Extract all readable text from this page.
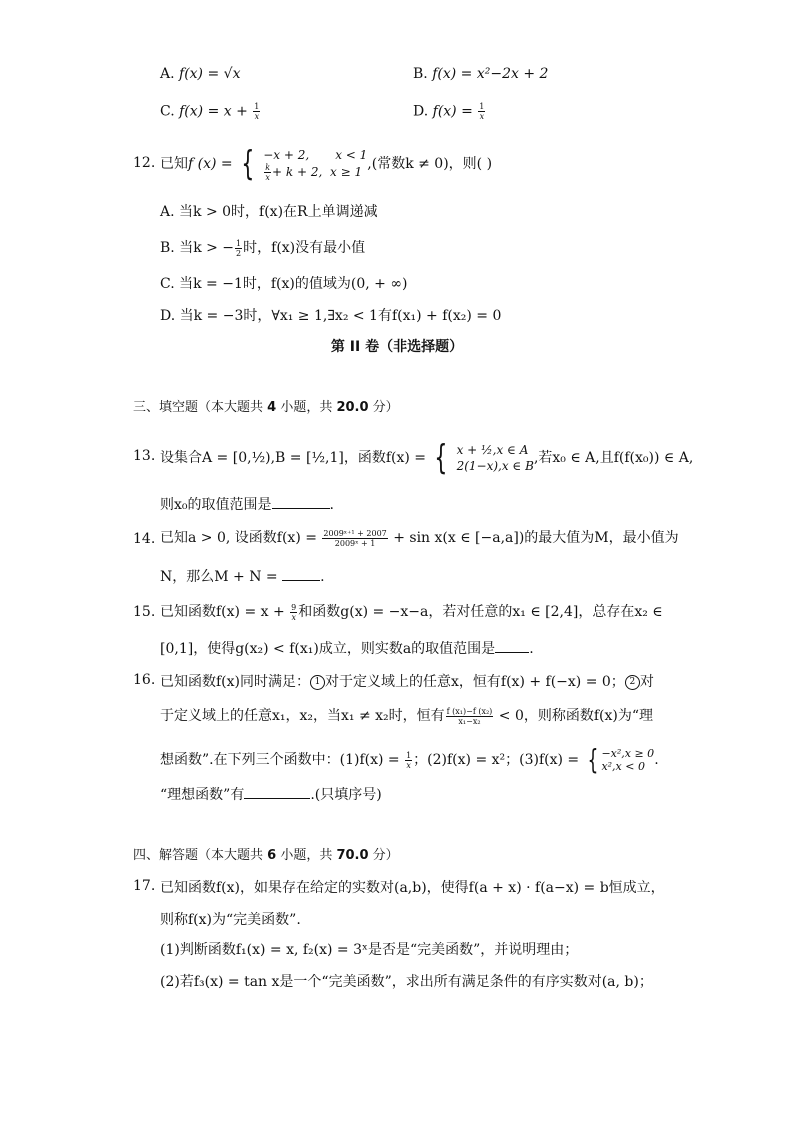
A. f(x) = √x	B. f(x) = x²−2x + 2
C. $f(x) = x + \frac{1}{x}$	D. $f(x) = \frac{1}{x}$
12. 已知f (x) = { −x + 2, x < 1
$\frac{k}{x} + k + 2$, x ≥ 1 ,(常数k ≠ 0)，则( )
A. 当k > 0时，f(x)在R上单调递减
B. 当k > − $\frac{1}{2}$ 时，f(x)没有最小值
C. 当k = −1时，f(x)的值域为(0, + ∞)
D. 当k = −3时，∀x₁ ≥ 1,∃x₂ < 1有f(x₁) + f(x₂) = 0
第 II 卷（非选择题）
三、填空题（本大题共 4 小题，共 20.0 分）
13. 设集合A = [0,½),B = [½,1]，函数f(x) = { x + ½,x ∈ A
2(1−x),x ∈ B ,若x₀ ∈ A,且f(f(x₀)) ∈ A,
则x₀的取值范围是	.
14. 已知a > 0, 设函数$f(x) = \frac{\text{2009ˣ⁺¹ + 2007}}{\text{2009ˣ + 1}} + \sin x(x$ ∈ [−a,a])的最大值为M，最小值为
N，那么M + N =	.
15. 已知函数$f(x) = x + \frac{9}{x}$ 和函数g(x) = −x−a，若对任意的x₁ ∈ [2,4]，总存在x₂ ∈
[0,1]，使得g(x₂) < f(x₁)成立，则实数a的取值范围是 .
16. 已知函数f(x)同时满足： 1 对于定义域上的任意x，恒有f(x) + f(−x) = 0； 2 对
于定义域上的任意x₁，x₂，当x₁ ≠ x₂时，恒有 $\frac{\text{f (x₁)−f (x₂)}}{\text{x₁−x₂}} < 0$，则称函数f(x)为“理
想函数”.在下列三个函数中：$(1)f(x) = \frac{1}{x}$ ；(2)f(x) = x²；(3)f(x) = { −x²,x ≥ 0
x²,x < 0 .
“理想函数”有	.(只填序号)
四、解答题（本大题共 6 小题，共 70.0 分）
17. 已知函数f(x)，如果存在给定的实数对(a,b)，使得f(a + x) · f(a−x) = b恒成立，
则称f(x)为“完美函数”.
(1)判断函数f₁(x) = x, f₂(x) = 3ˣ是否是“完美函数”，并说明理由；
(2)若f₃(x) = tan x是一个“完美函数”，求出所有满足条件的有序实数对(a, b)；
